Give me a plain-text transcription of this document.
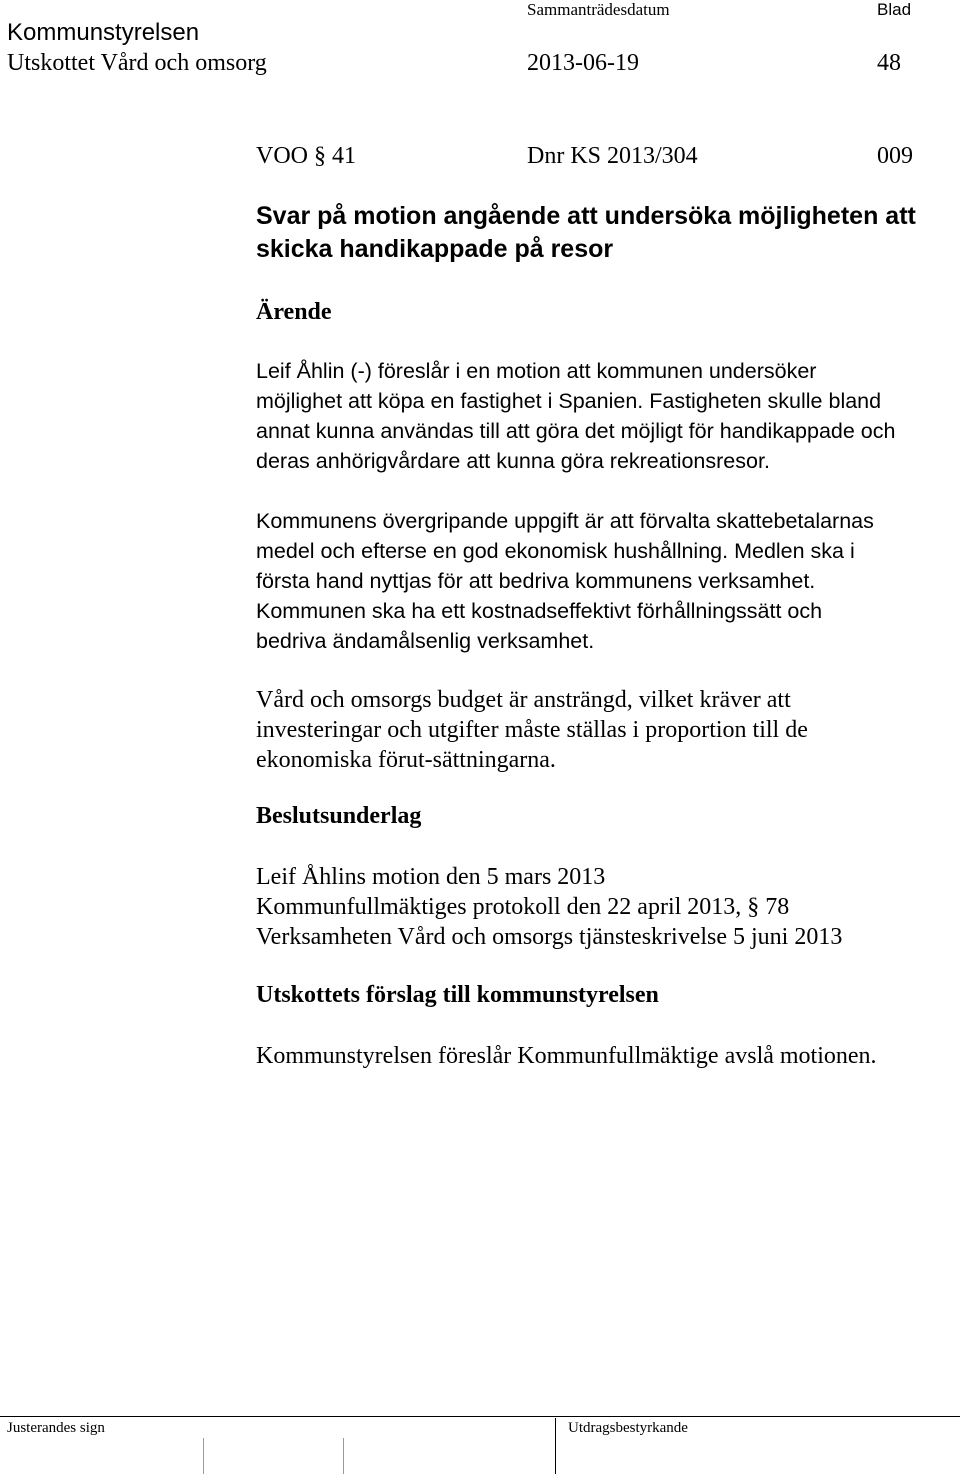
Kommunstyrelsen
Sammanträdesdatum	Blad
Utskottet Vård och omsorg	2013-06-19	48
VOO § 41	Dnr KS 2013/304	009
Svar på motion angående att undersöka möjligheten att skicka handikappade på resor
Ärende
Leif Åhlin (-) föreslår i en motion att kommunen undersöker
möjlighet att köpa en fastighet i Spanien. Fastigheten skulle bland
annat kunna användas till att göra det möjligt för handikappade och
deras anhörigvårdare att kunna göra rekreationsresor.
Kommunens övergripande uppgift är att förvalta skattebetalarnas
medel och efterse en god ekonomisk hushållning. Medlen ska i
första hand nyttjas för att bedriva kommunens verksamhet.
Kommunen ska ha ett kostnadseffektivt förhållningssätt och
bedriva ändamålsenlig verksamhet.
Vård och omsorgs budget är ansträngd, vilket kräver att
investeringar och utgifter måste ställas i proportion till de
ekonomiska förut-sättningarna.
Beslutsunderlag
Leif Åhlins motion den 5 mars 2013
Kommunfullmäktiges protokoll den 22 april 2013, § 78
Verksamheten Vård och omsorgs tjänsteskrivelse 5 juni 2013
Utskottets förslag till kommunstyrelsen
Kommunstyrelsen föreslår Kommunfullmäktige avslå motionen.
Justerandes sign	Utdragsbestyrkande
